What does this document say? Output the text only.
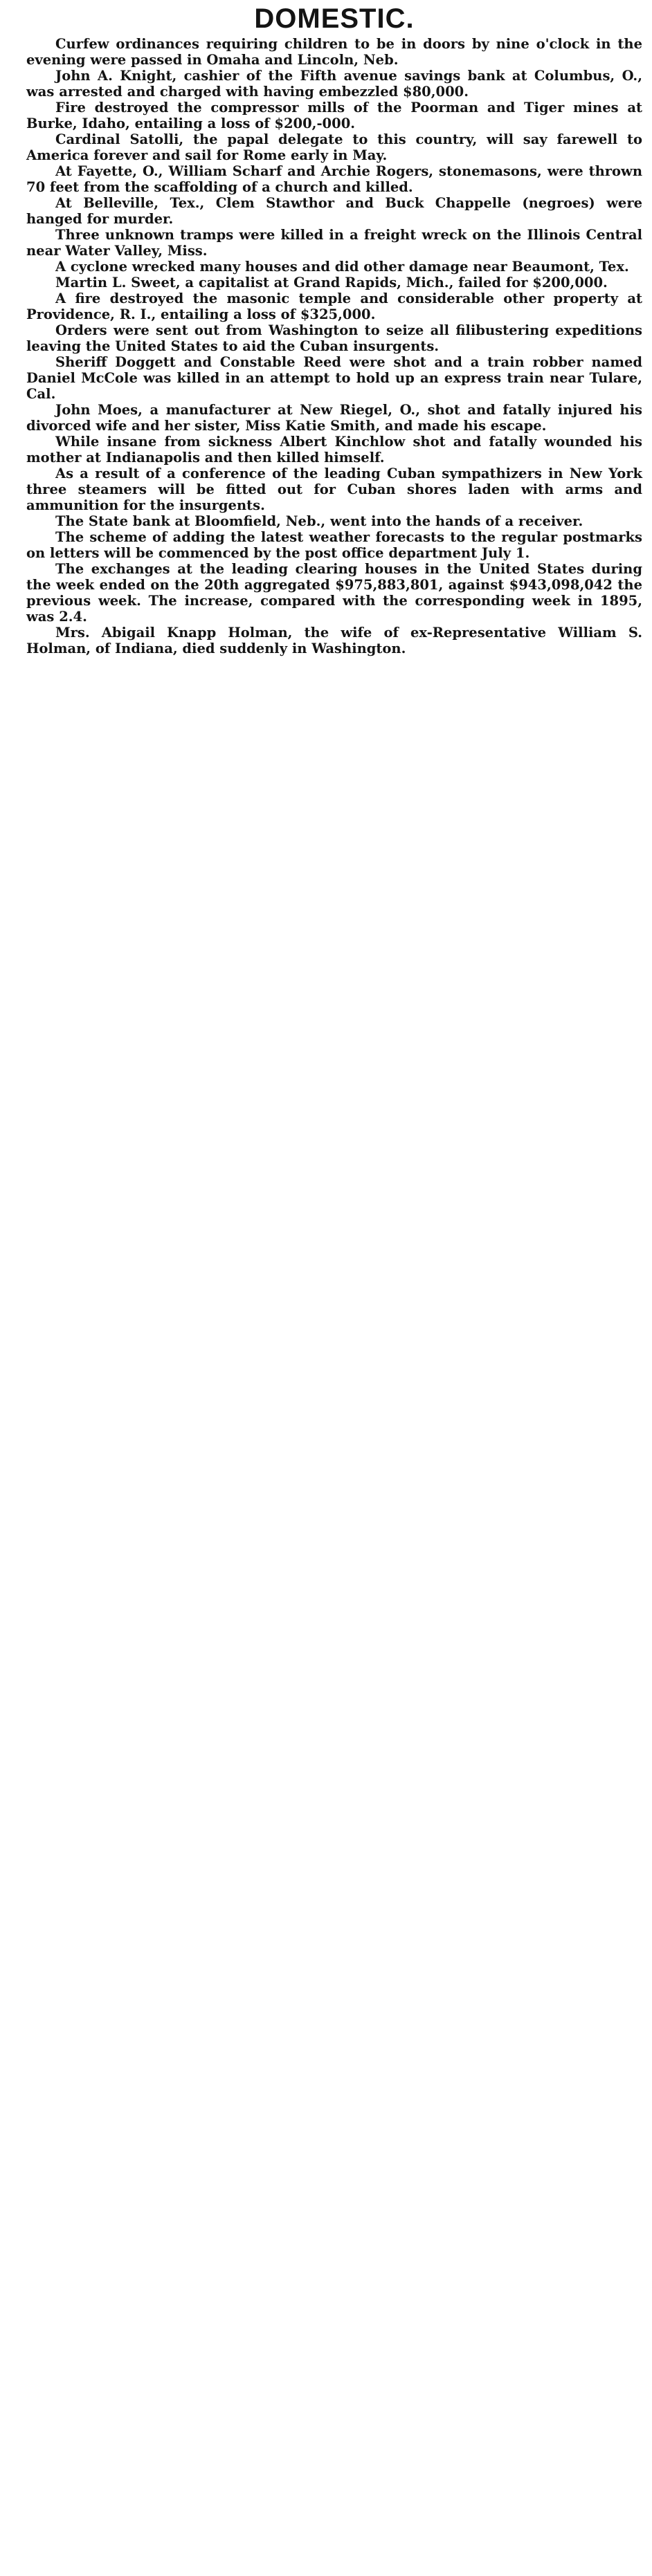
DOMESTIC.

Curfew ordinances requiring children to be in doors by nine o'clock in the evening were passed in Omaha and Lincoln, Neb.

John A. Knight, cashier of the Fifth avenue savings bank at Columbus, O., was arrested and charged with having embezzled $80,000.

Fire destroyed the compressor mills of the Poorman and Tiger mines at Burke, Idaho, entailing a loss of $200,-000.

Cardinal Satolli, the papal delegate to this country, will say farewell to America forever and sail for Rome early in May.

At Fayette, O., William Scharf and Archie Rogers, stonemasons, were thrown 70 feet from the scaffolding of a church and killed.

At Belleville, Tex., Clem Stawthor and Buck Chappelle (negroes) were hanged for murder.

Three unknown tramps were killed in a freight wreck on the Illinois Central near Water Valley, Miss.

A cyclone wrecked many houses and did other damage near Beaumont, Tex.

Martin L. Sweet, a capitalist at Grand Rapids, Mich., failed for $200,000.

A fire destroyed the masonic temple and considerable other property at Providence, R. I., entailing a loss of $325,000.

Orders were sent out from Washington to seize all filibustering expeditions leaving the United States to aid the Cuban insurgents.

Sheriff Doggett and Constable Reed were shot and a train robber named Daniel McCole was killed in an attempt to hold up an express train near Tulare, Cal.

John Moes, a manufacturer at New Riegel, O., shot and fatally injured his divorced wife and her sister, Miss Katie Smith, and made his escape.

While insane from sickness Albert Kinchlow shot and fatally wounded his mother at Indianapolis and then killed himself.

As a result of a conference of the leading Cuban sympathizers in New York three steamers will be fitted out for Cuban shores laden with arms and ammunition for the insurgents.

The State bank at Bloomfield, Neb., went into the hands of a receiver.

The scheme of adding the latest weather forecasts to the regular postmarks on letters will be commenced by the post office department July 1.

The exchanges at the leading clearing houses in the United States during the week ended on the 20th aggregated $975,883,801, against $943,098,042 the previous week. The increase, compared with the corresponding week in 1895, was 2.4.

Mrs. Abigail Knapp Holman, the wife of ex-Representative William S. Holman, of Indiana, died suddenly in Washington.
